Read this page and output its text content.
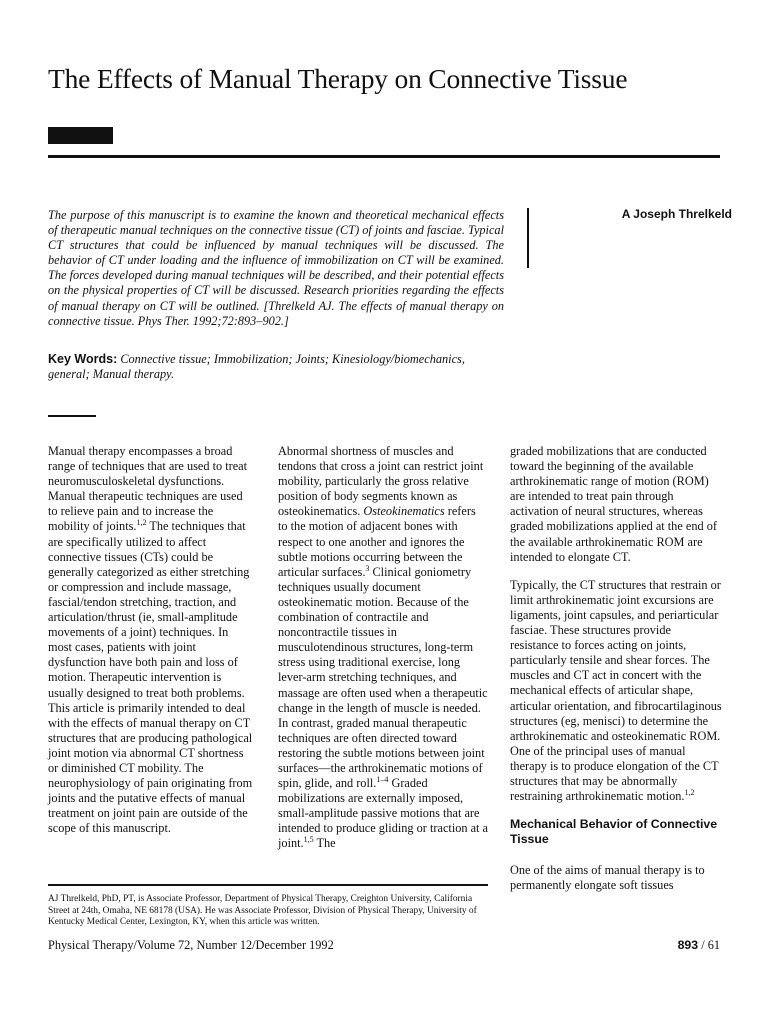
The Effects of Manual Therapy on Connective Tissue

The purpose of this manuscript is to examine the known and theoretical mechanical effects of therapeutic manual techniques on the connective tissue (CT) of joints and fasciae. Typical CT structures that could be influenced by manual techniques will be discussed. The behavior of CT under loading and the influence of immobilization on CT will be examined. The forces developed during manual techniques will be described, and their potential effects on the physical properties of CT will be discussed. Research priorities regarding the effects of manual therapy on CT will be outlined. [Threlkeld AJ. The effects of manual therapy on connective tissue. Phys Ther. 1992;72:893–902.]

Key Words: Connective tissue; Immobilization; Joints; Kinesiology/biomechanics, general; Manual therapy.
A Joseph Threlkeld

Manual therapy encompasses a broad range of techniques that are used to treat neuromusculoskeletal dysfunctions. Manual therapeutic techniques are used to relieve pain and to increase the mobility of joints.$^{1,2}$ The techniques that are specifically utilized to affect connective tissues (CTs) could be generally categorized as either stretching or compression and include massage, fascial/tendon stretching, traction, and articulation/thrust (ie, small-amplitude movements of a joint) techniques. In most cases, patients with joint dysfunction have both pain and loss of motion. Therapeutic intervention is usually designed to treat both problems. This article is primarily intended to deal with the effects of manual therapy on CT structures that are producing pathological joint motion via abnormal CT shortness or diminished CT mobility. The neurophysiology of pain originating from joints and the putative effects of manual treatment on joint pain are outside of the scope of this manuscript.

Abnormal shortness of muscles and tendons that cross a joint can restrict joint mobility, particularly the gross relative position of body segments known as osteokinematics. Osteokinematics refers to the motion of adjacent bones with respect to one another and ignores the subtle motions occurring between the articular surfaces.$^3$ Clinical goniometry techniques usually document osteokinematic motion. Because of the combination of contractile and noncontractile tissues in musculotendinous structures, long-term stress using traditional exercise, long lever-arm stretching techniques, and massage are often used when a therapeutic change in the length of muscle is needed. In contrast, graded manual therapeutic techniques are often directed toward restoring the subtle motions between joint surfaces—the arthrokinematic motions of spin, glide, and roll.$^{1-4}$ Graded mobilizations are externally imposed, small-amplitude passive motions that are intended to produce gliding or traction at a joint.$^{1,5}$ The

graded mobilizations that are conducted toward the beginning of the available arthrokinematic range of motion (ROM) are intended to treat pain through activation of neural structures, whereas graded mobilizations applied at the end of the available arthrokinematic ROM are intended to elongate CT.

Typically, the CT structures that restrain or limit arthrokinematic joint excursions are ligaments, joint capsules, and periarticular fasciae. These structures provide resistance to forces acting on joints, particularly tensile and shear forces. The muscles and CT act in concert with the mechanical effects of articular shape, articular orientation, and fibrocartilaginous structures (eg, menisci) to determine the arthrokinematic and osteokinematic ROM. One of the principal uses of manual therapy is to produce elongation of the CT structures that may be abnormally restraining arthrokinematic motion.$^{1,2}$

Mechanical Behavior of Connective Tissue

One of the aims of manual therapy is to permanently elongate soft tissues

AJ Threlkeld, PhD, PT, is Associate Professor, Department of Physical Therapy, Creighton University, California Street at 24th, Omaha, NE 68178 (USA). He was Associate Professor, Division of Physical Therapy, University of Kentucky Medical Center, Lexington, KY, when this article was written.
Physical Therapy/Volume 72, Number 12/December 1992	893 / 61
